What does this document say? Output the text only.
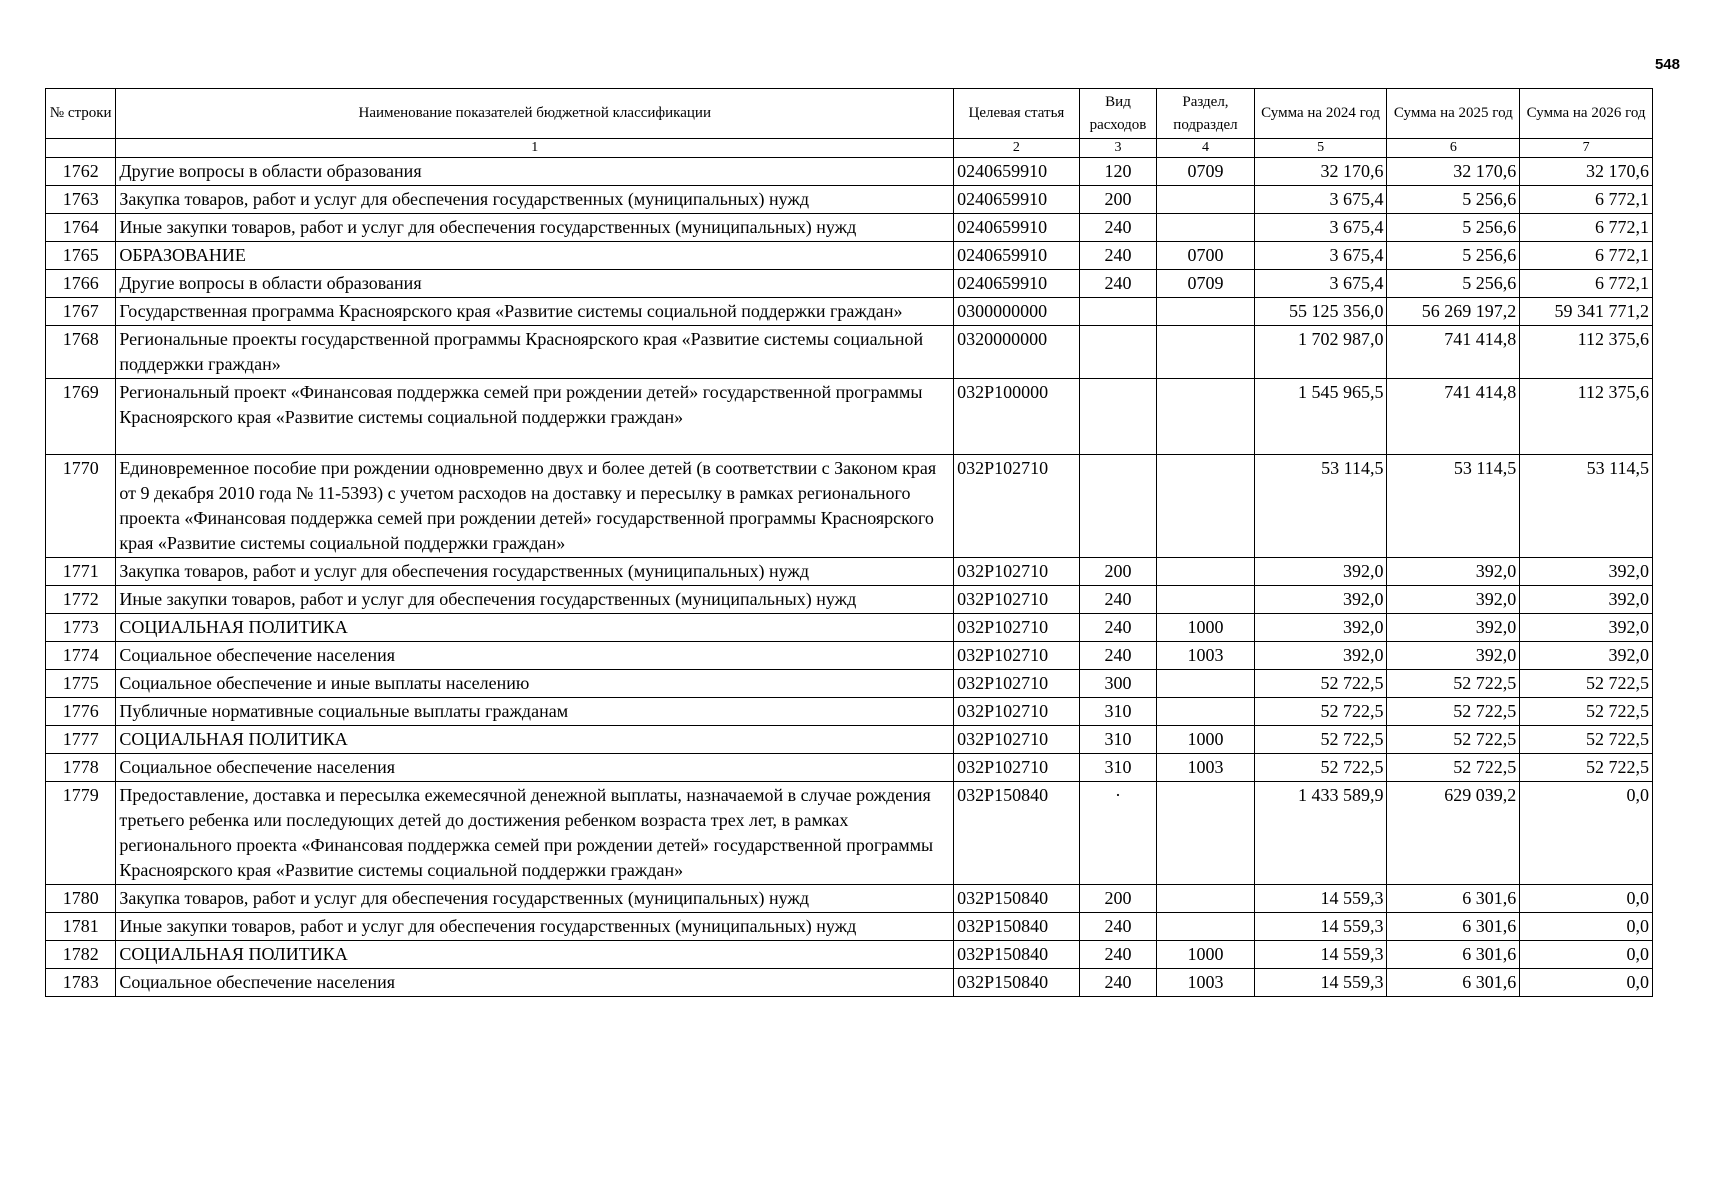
548
№ строки	Наименование показателей бюджетной классификации	Целевая статья	Вид расходов	Раздел, подраздел	Сумма на 2024 год	Сумма на 2025 год	Сумма на 2026 год
	1	2	3	4	5	6	7
1762	Другие вопросы в области образования	0240659910	120	0709	32 170,6	32 170,6	32 170,6
1763	Закупка товаров, работ и услуг для обеспечения государственных (муниципальных) нужд	0240659910	200		3 675,4	5 256,6	6 772,1
1764	Иные закупки товаров, работ и услуг для обеспечения государственных (муниципальных) нужд	0240659910	240		3 675,4	5 256,6	6 772,1
1765	ОБРАЗОВАНИЕ	0240659910	240	0700	3 675,4	5 256,6	6 772,1
1766	Другие вопросы в области образования	0240659910	240	0709	3 675,4	5 256,6	6 772,1
1767	Государственная программа Красноярского края «Развитие системы социальной поддержки граждан»	0300000000			55 125 356,0	56 269 197,2	59 341 771,2
1768	Региональные проекты государственной программы Красноярского края «Развитие системы социальной поддержки граждан»	0320000000			1 702 987,0	741 414,8	112 375,6
1769	Региональный проект «Финансовая поддержка семей при рождении детей» государственной программы Красноярского края «Развитие системы социальной поддержки граждан»	032P100000			1 545 965,5	741 414,8	112 375,6
1770	Единовременное пособие при рождении одновременно двух и более детей (в соответствии с Законом края от 9 декабря 2010 года № 11-5393) с учетом расходов на доставку и пересылку в рамках регионального проекта «Финансовая поддержка семей при рождении детей» государственной программы Красноярского края «Развитие системы социальной поддержки граждан»	032P102710			53 114,5	53 114,5	53 114,5
1771	Закупка товаров, работ и услуг для обеспечения государственных (муниципальных) нужд	032P102710	200		392,0	392,0	392,0
1772	Иные закупки товаров, работ и услуг для обеспечения государственных (муниципальных) нужд	032P102710	240		392,0	392,0	392,0
1773	СОЦИАЛЬНАЯ ПОЛИТИКА	032P102710	240	1000	392,0	392,0	392,0
1774	Социальное обеспечение населения	032P102710	240	1003	392,0	392,0	392,0
1775	Социальное обеспечение и иные выплаты населению	032P102710	300		52 722,5	52 722,5	52 722,5
1776	Публичные нормативные социальные выплаты гражданам	032P102710	310		52 722,5	52 722,5	52 722,5
1777	СОЦИАЛЬНАЯ ПОЛИТИКА	032P102710	310	1000	52 722,5	52 722,5	52 722,5
1778	Социальное обеспечение населения	032P102710	310	1003	52 722,5	52 722,5	52 722,5
1779	Предоставление, доставка и пересылка ежемесячной денежной выплаты, назначаемой в случае рождения третьего ребенка или последующих детей до достижения ребенком возраста трех лет, в рамках регионального проекта «Финансовая поддержка семей при рождении детей» государственной программы Красноярского края «Развитие системы социальной поддержки граждан»	032P150840	·		1 433 589,9	629 039,2	0,0
1780	Закупка товаров, работ и услуг для обеспечения государственных (муниципальных) нужд	032P150840	200		14 559,3	6 301,6	0,0
1781	Иные закупки товаров, работ и услуг для обеспечения государственных (муниципальных) нужд	032P150840	240		14 559,3	6 301,6	0,0
1782	СОЦИАЛЬНАЯ ПОЛИТИКА	032P150840	240	1000	14 559,3	6 301,6	0,0
1783	Социальное обеспечение населения	032P150840	240	1003	14 559,3	6 301,6	0,0
